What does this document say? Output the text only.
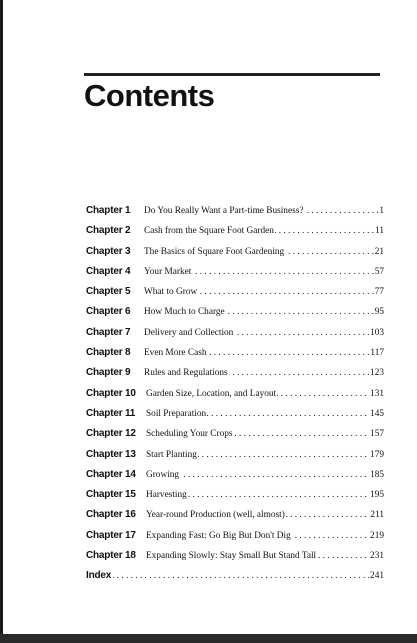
Contents
Chapter 1	Do You Really Want a Part-time Business? . . .	1
Chapter 2	Cash from the Square Foot Garden . . .	11
Chapter 3	The Basics of Square Foot Gardening . . .	21
Chapter 4	Your Market . . .	57
Chapter 5	What to Grow . . .	77
Chapter 6	How Much to Charge . . .	95
Chapter 7	Delivery and Collection . . .	103
Chapter 8	Even More Cash . . .	117
Chapter 9	Rules and Regulations . . .	123
Chapter 10	Garden Size, Location, and Layout . . .	131
Chapter 11	Soil Preparation . . .	145
Chapter 12	Scheduling Your Crops . . .	157
Chapter 13	Start Planting . . .	179
Chapter 14	Growing . . .	185
Chapter 15	Harvesting . . .	195
Chapter 16	Year-round Production (well, almost) . . .	211
Chapter 17	Expanding Fast: Go Big But Don't Dig . . .	219
Chapter 18	Expanding Slowly: Stay Small But Stand Tall . . .	231
Index . . .	241
